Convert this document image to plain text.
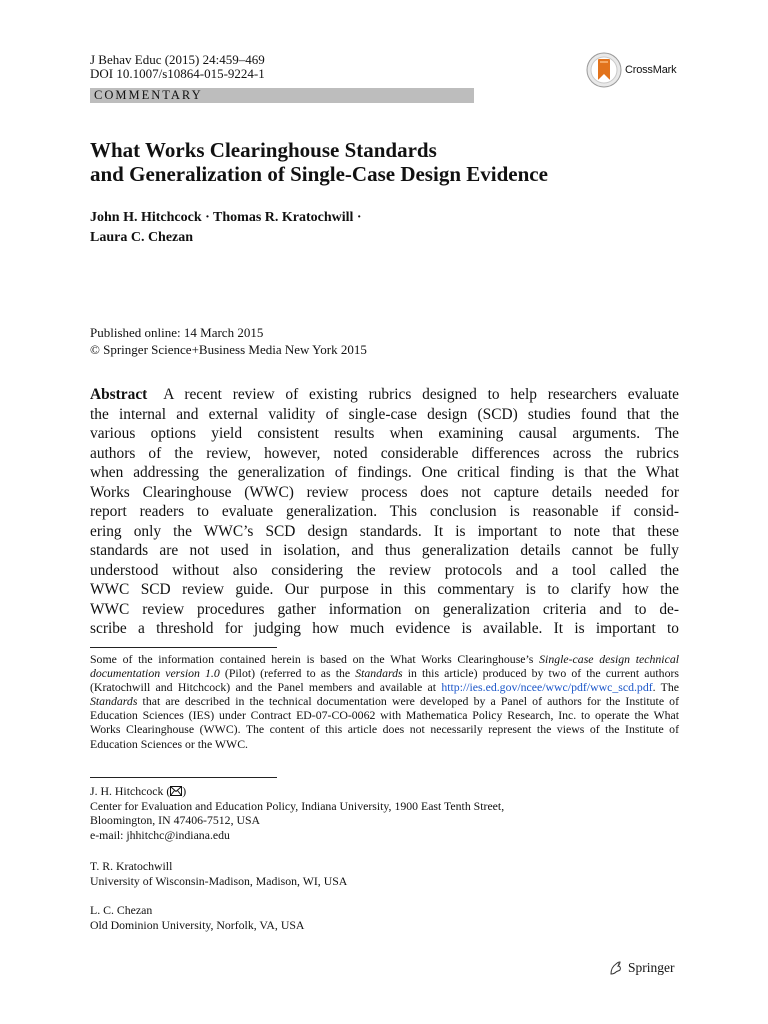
J Behav Educ (2015) 24:459–469
DOI 10.1007/s10864-015-9224-1	CrossMark
COMMENTARY
What Works Clearinghouse Standards
and Generalization of Single-Case Design Evidence
John H. Hitchcock · Thomas R. Kratochwill ·
Laura C. Chezan
Published online: 14 March 2015
© Springer Science+Business Media New York 2015
Abstract A recent review of existing rubrics designed to help researchers evaluate
the internal and external validity of single-case design (SCD) studies found that the
various options yield consistent results when examining causal arguments. The
authors of the review, however, noted considerable differences across the rubrics
when addressing the generalization of findings. One critical finding is that the What
Works Clearinghouse (WWC) review process does not capture details needed for
report readers to evaluate generalization. This conclusion is reasonable if consid-
ering only the WWC’s SCD design standards. It is important to note that these
standards are not used in isolation, and thus generalization details cannot be fully
understood without also considering the review protocols and a tool called the
WWC SCD review guide. Our purpose in this commentary is to clarify how the
WWC review procedures gather information on generalization criteria and to de-
scribe a threshold for judging how much evidence is available. It is important to
Some of the information contained herein is based on the What Works Clearinghouse’s Single-case design technical documentation version 1.0 (Pilot) (referred to as the Standards in this article) produced by two of the current authors (Kratochwill and Hitchcock) and the Panel members and available at http://ies.ed.gov/ncee/wwc/pdf/wwc_scd.pdf. The Standards that are described in the technical documentation were developed by a Panel of authors for the Institute of Education Sciences (IES) under Contract ED-07-CO-0062 with Mathematica Policy Research, Inc. to operate the What Works Clearinghouse (WWC). The content of this article does not necessarily represent the views of the Institute of Education Sciences or the WWC.
J. H. Hitchcock ( )
Center for Evaluation and Education Policy, Indiana University, 1900 East Tenth Street,
Bloomington, IN 47406-7512, USA
e-mail: jhhitchc@indiana.edu
T. R. Kratochwill
University of Wisconsin-Madison, Madison, WI, USA
L. C. Chezan
Old Dominion University, Norfolk, VA, USA
Springer
